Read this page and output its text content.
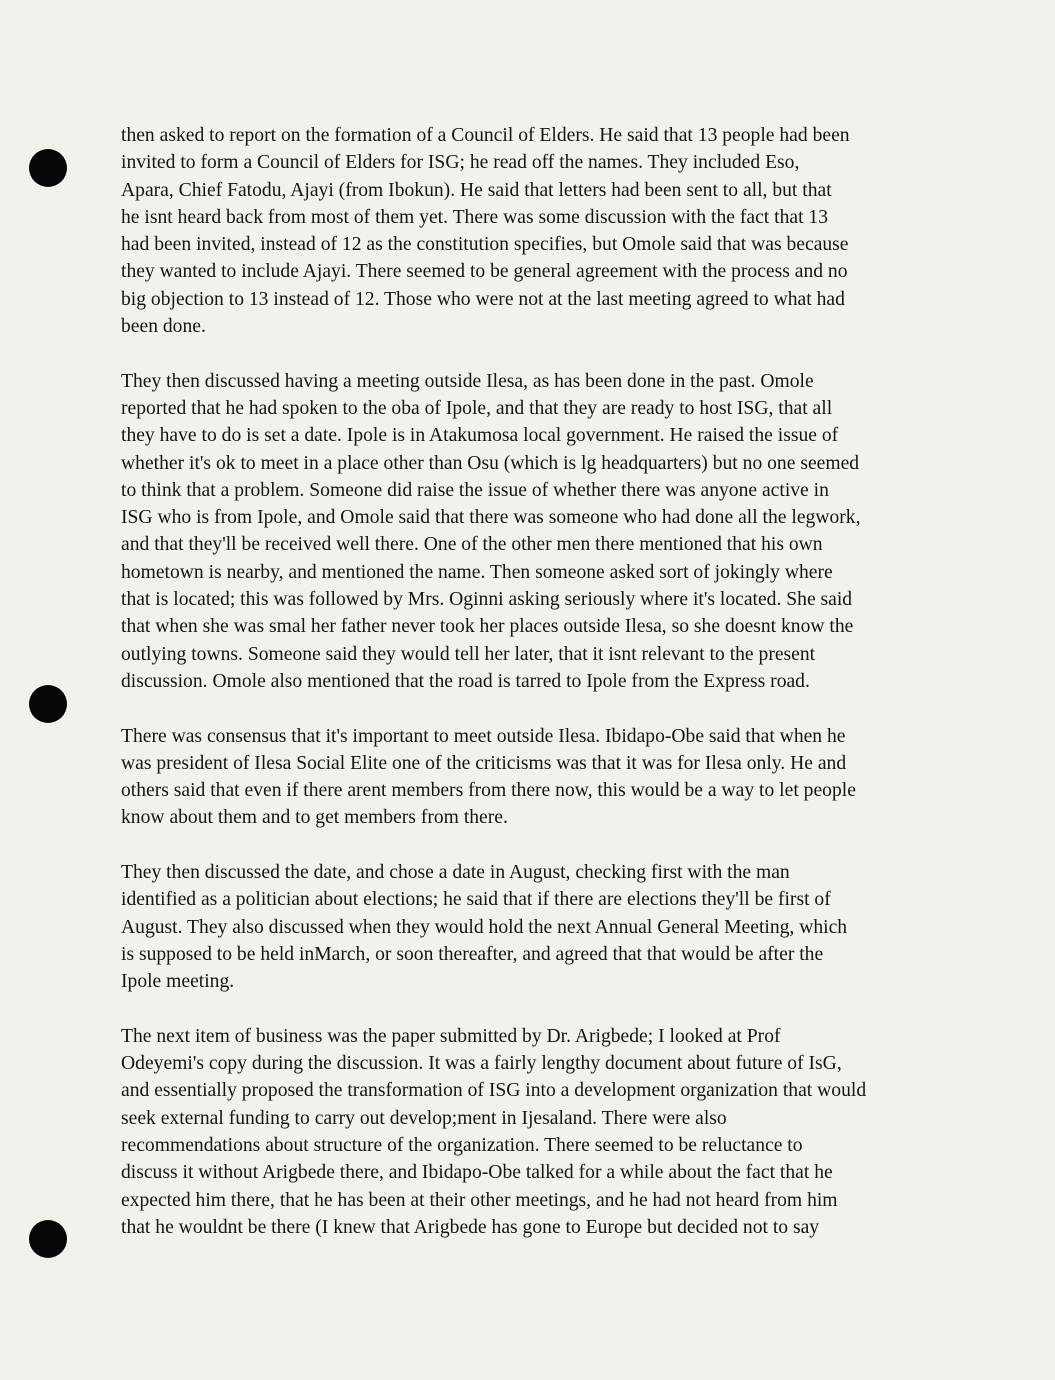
then asked to report on the formation of a Council of Elders. He said that 13 people had been
invited to form a Council of Elders for ISG; he read off the names. They included Eso,
Apara, Chief Fatodu, Ajayi (from Ibokun). He said that letters had been sent to all, but that
he isnt heard back from most of them yet. There was some discussion with the fact that 13
had been invited, instead of 12 as the constitution specifies, but Omole said that was because
they wanted to include Ajayi. There seemed to be general agreement with the process and no
big objection to 13 instead of 12. Those who were not at the last meeting agreed to what had
been done.
They then discussed having a meeting outside Ilesa, as has been done in the past. Omole
reported that he had spoken to the oba of Ipole, and that they are ready to host ISG, that all
they have to do is set a date. Ipole is in Atakumosa local government. He raised the issue of
whether it's ok to meet in a place other than Osu (which is lg headquarters) but no one seemed
to think that a problem. Someone did raise the issue of whether there was anyone active in
ISG who is from Ipole, and Omole said that there was someone who had done all the legwork,
and that they'll be received well there. One of the other men there mentioned that his own
hometown is nearby, and mentioned the name. Then someone asked sort of jokingly where
that is located; this was followed by Mrs. Oginni asking seriously where it's located. She said
that when she was smal her father never took her places outside Ilesa, so she doesnt know the
outlying towns. Someone said they would tell her later, that it isnt relevant to the present
discussion. Omole also mentioned that the road is tarred to Ipole from the Express road.
There was consensus that it's important to meet outside Ilesa. Ibidapo-Obe said that when he
was president of Ilesa Social Elite one of the criticisms was that it was for Ilesa only. He and
others said that even if there arent members from there now, this would be a way to let people
know about them and to get members from there.
They then discussed the date, and chose a date in August, checking first with the man
identified as a politician about elections; he said that if there are elections they'll be first of
August. They also discussed when they would hold the next Annual General Meeting, which
is supposed to be held inMarch, or soon thereafter, and agreed that that would be after the
Ipole meeting.
The next item of business was the paper submitted by Dr. Arigbede; I looked at Prof
Odeyemi's copy during the discussion. It was a fairly lengthy document about future of IsG,
and essentially proposed the transformation of ISG into a development organization that would
seek external funding to carry out develop;ment in Ijesaland. There were also
recommendations about structure of the organization. There seemed to be reluctance to
discuss it without Arigbede there, and Ibidapo-Obe talked for a while about the fact that he
expected him there, that he has been at their other meetings, and he had not heard from him
that he wouldnt be there (I knew that Arigbede has gone to Europe but decided not to say
